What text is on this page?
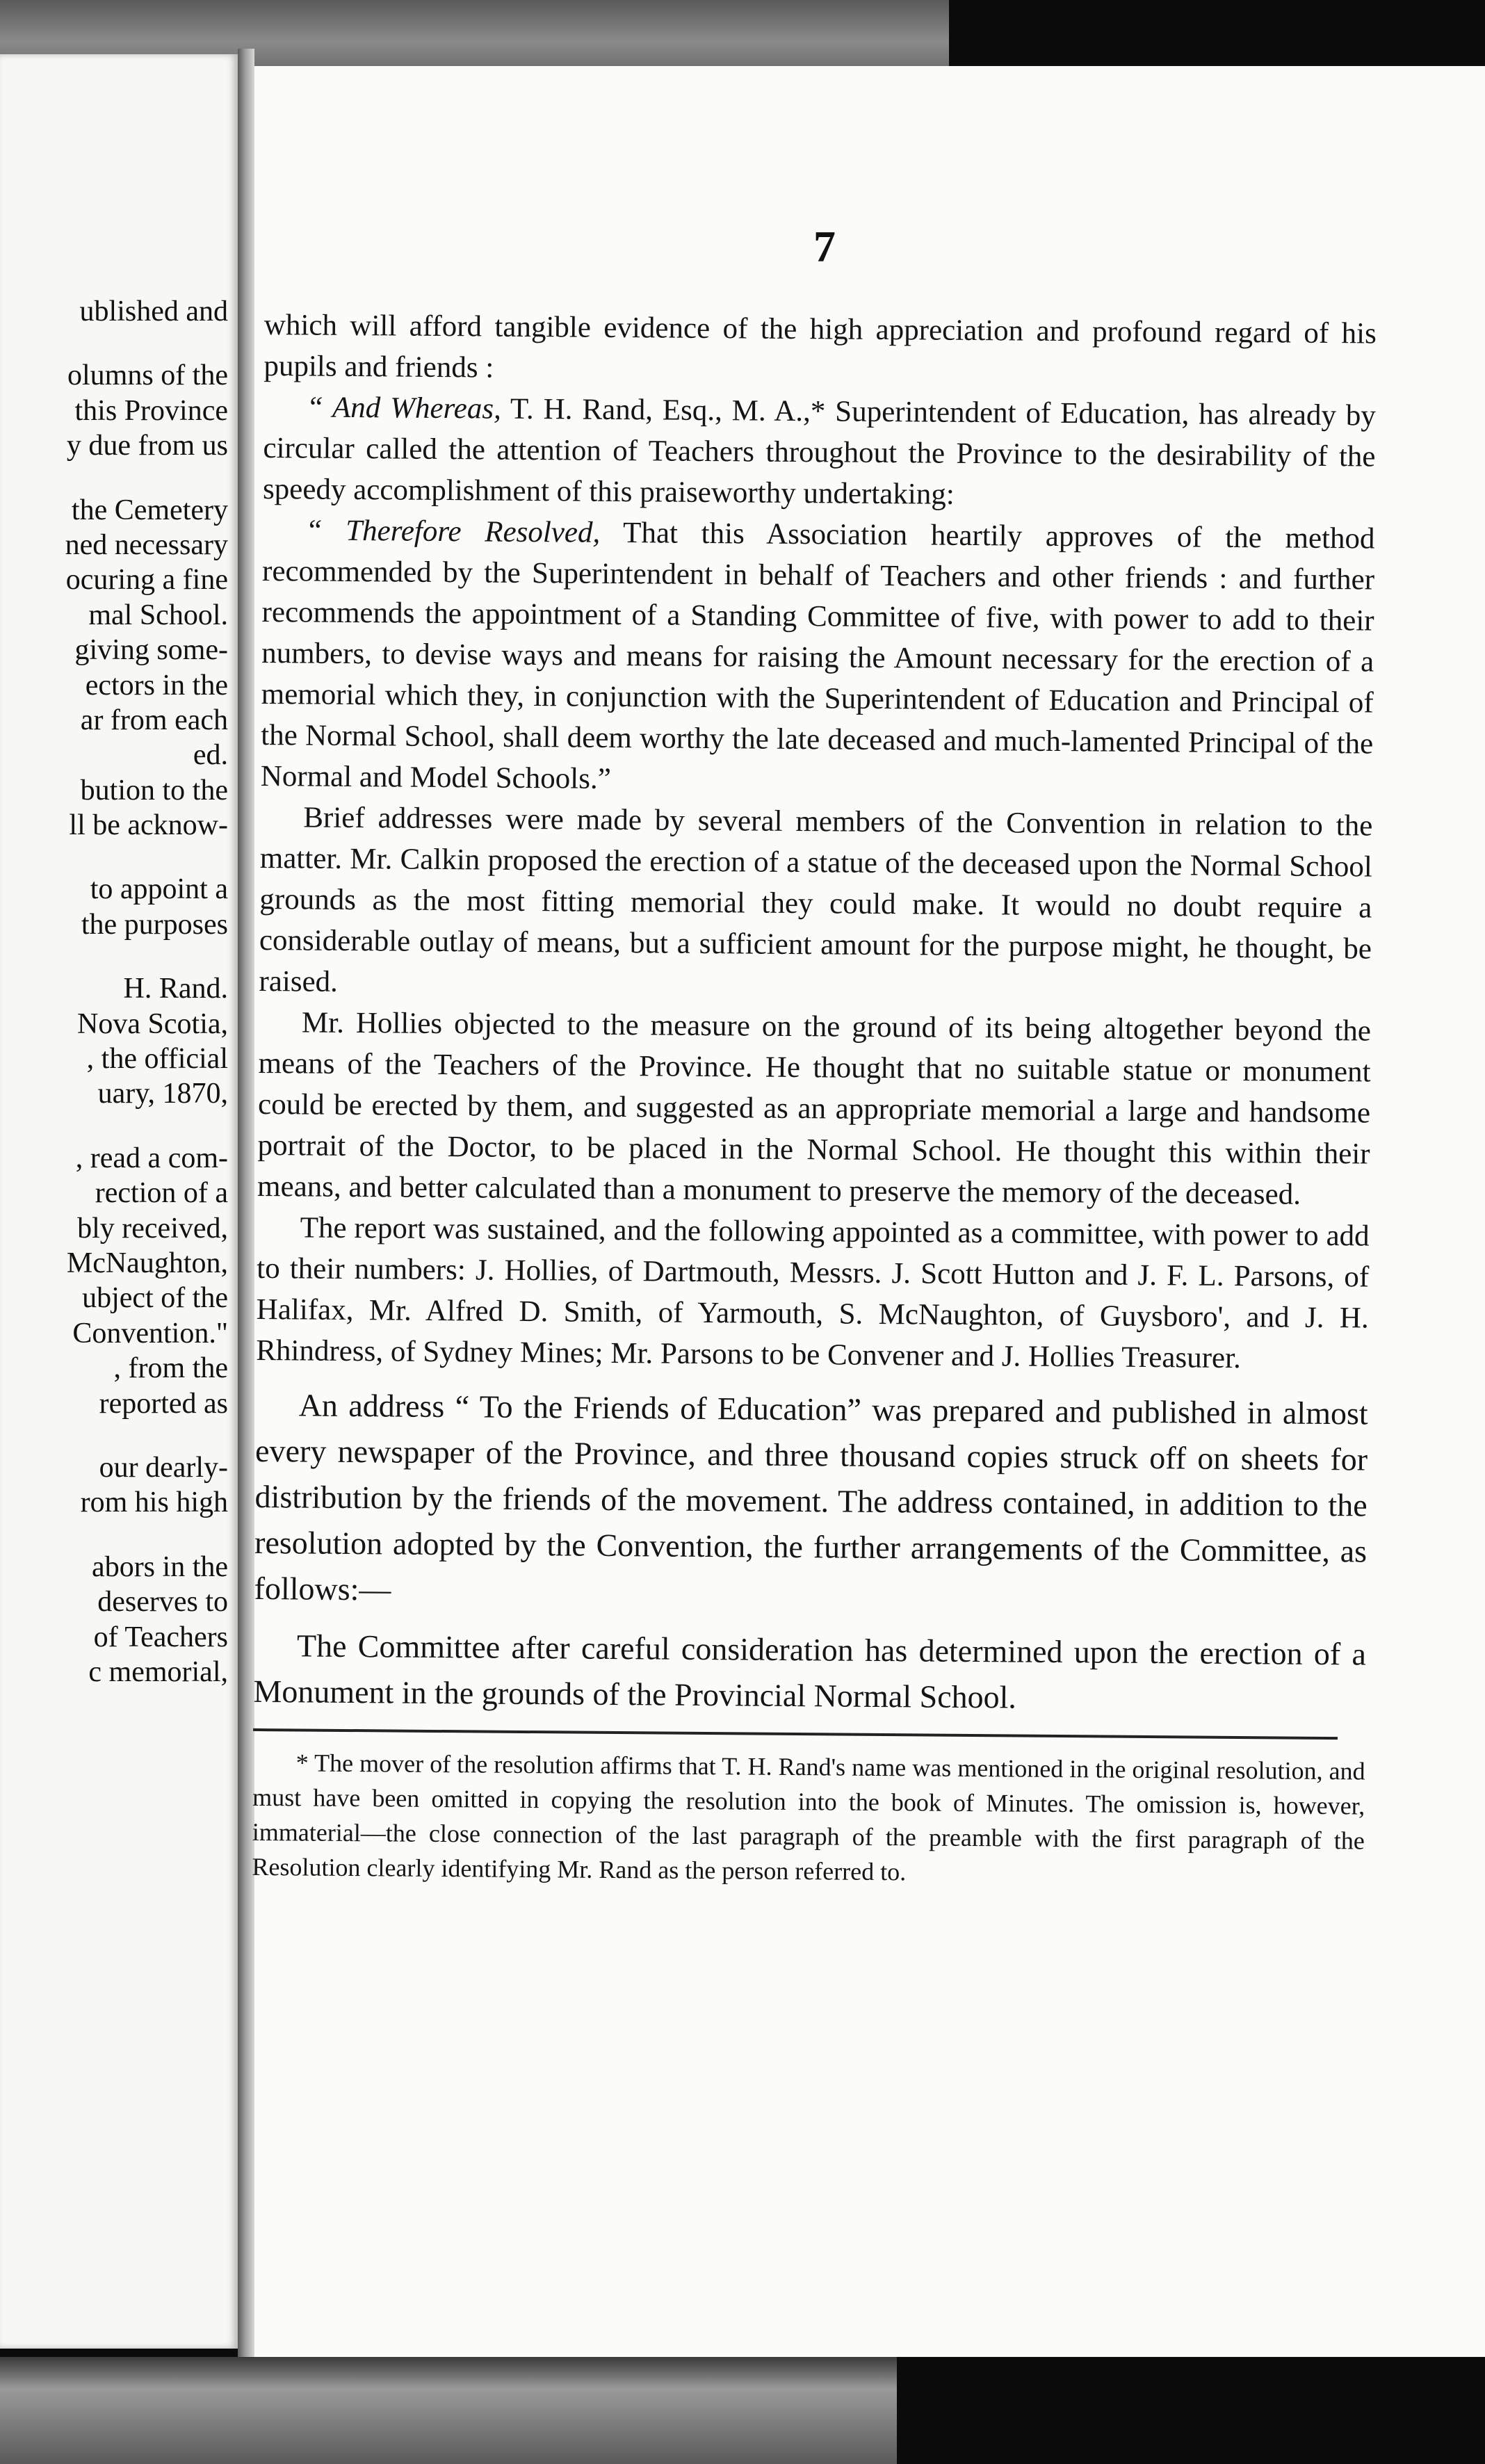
ublished and
olumns of the
this Province
y due from us
the Cemetery
ned necessary
ocuring a fine
mal School.
giving some-
ectors in the
ar from each
ed.
bution to the
ll be acknow-
to appoint a
the purposes
H. Rand.
Nova Scotia,
, the official
uary, 1870,
, read a com-
rection of a
bly received,
McNaughton,
ubject of the
Convention."
, from the
reported as
our dearly-
rom his high
abors in the
deserves to
of Teachers
c memorial,
7

which will afford tangible evidence of the high appreciation and profound regard of his pupils and friends :

“ And Whereas, T. H. Rand, Esq., M. A.,* Superintendent of Education, has already by circular called the attention of Teachers throughout the Province to the desirability of the speedy accomplishment of this praiseworthy undertaking:

“ Therefore Resolved, That this Association heartily approves of the method recommended by the Superintendent in behalf of Teachers and other friends : and further recommends the appointment of a Standing Committee of five, with power to add to their numbers, to devise ways and means for raising the Amount necessary for the erection of a memorial which they, in conjunction with the Superintendent of Education and Principal of the Normal School, shall deem worthy the late deceased and much-lamented Principal of the Normal and Model Schools.”

Brief addresses were made by several members of the Convention in relation to the matter. Mr. Calkin proposed the erection of a statue of the deceased upon the Normal School grounds as the most fitting memorial they could make. It would no doubt require a considerable outlay of means, but a sufficient amount for the purpose might, he thought, be raised.

Mr. Hollies objected to the measure on the ground of its being altogether beyond the means of the Teachers of the Province. He thought that no suitable statue or monument could be erected by them, and suggested as an appropriate memorial a large and handsome portrait of the Doctor, to be placed in the Normal School. He thought this within their means, and better calculated than a monument to preserve the memory of the deceased.

The report was sustained, and the following appointed as a committee, with power to add to their numbers: J. Hollies, of Dartmouth, Messrs. J. Scott Hutton and J. F. L. Parsons, of Halifax, Mr. Alfred D. Smith, of Yarmouth, S. McNaughton, of Guysboro', and J. H. Rhindress, of Sydney Mines; Mr. Parsons to be Convener and J. Hollies Treasurer.

An address “ To the Friends of Education” was prepared and published in almost every newspaper of the Province, and three thousand copies struck off on sheets for distribution by the friends of the movement. The address contained, in addition to the resolution adopted by the Convention, the further arrangements of the Committee, as follows:—

The Committee after careful consideration has determined upon the erection of a Monument in the grounds of the Provincial Normal School.

* The mover of the resolution affirms that T. H. Rand's name was mentioned in the original resolution, and must have been omitted in copying the resolution into the book of Minutes. The omission is, however, immaterial—the close connection of the last paragraph of the preamble with the first paragraph of the Resolution clearly identifying Mr. Rand as the person referred to.
